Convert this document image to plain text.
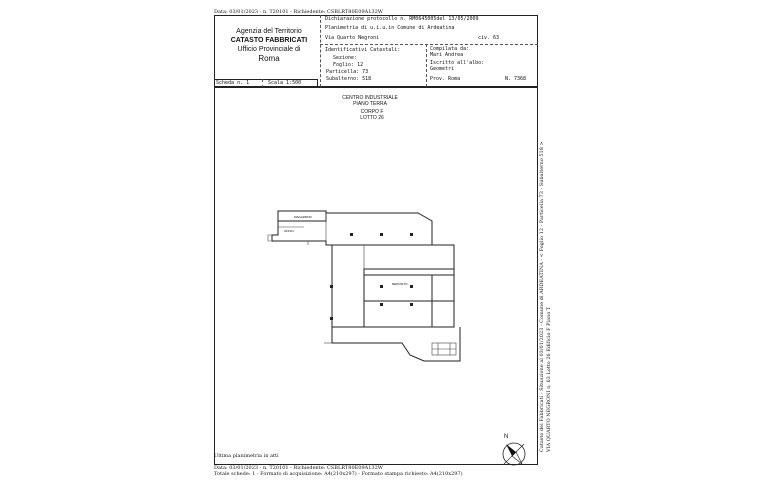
Data: 03/01/2023 - n. T20101 - Richiedente: CSBLRT80E09A132W
Agenzia del Territorio
CATASTO FABBRICATI
Ufficio Provinciale di
Roma
Dichiarazione protocollo n. RM0645005del 13/05/2009
Planimetria di u.i.u.in Comune di Ardeatina
Via Quarto Negroni	civ. 63
Identificativi Catastali:
Sezione:
Foglio: 12
Particella: 73
Subalterno: 518
Compilata da:
Mari Andrea
Iscritto all'albo:
Geometri
Prov. Roma	N. 7368
Scheda n. 1	Scala 1:500
CENTRO INDUSTRIALE
PIANO TERRA
CORPO F
LOTTO 26
MAGAZZINO
UFFICI
DEPOSITO
N	Catasto dei Fabbricati - Situazione al 03/01/2023 - Comune di ARDEATINA - < Foglio 12 - Particella 73 - Subalterno 518 > VIA QUARTO NEGRONI n. 63 Lotto 26 Edificio F Piano T
Ultima planimetria in atti
Data: 03/01/2023 - n. T20101 - Richiedente: CSBLRT80E09A132W
Totale schede: 1 - Formato di acquisizione: A4(210x297) - Formato stampa richiesto: A4(210x297)
